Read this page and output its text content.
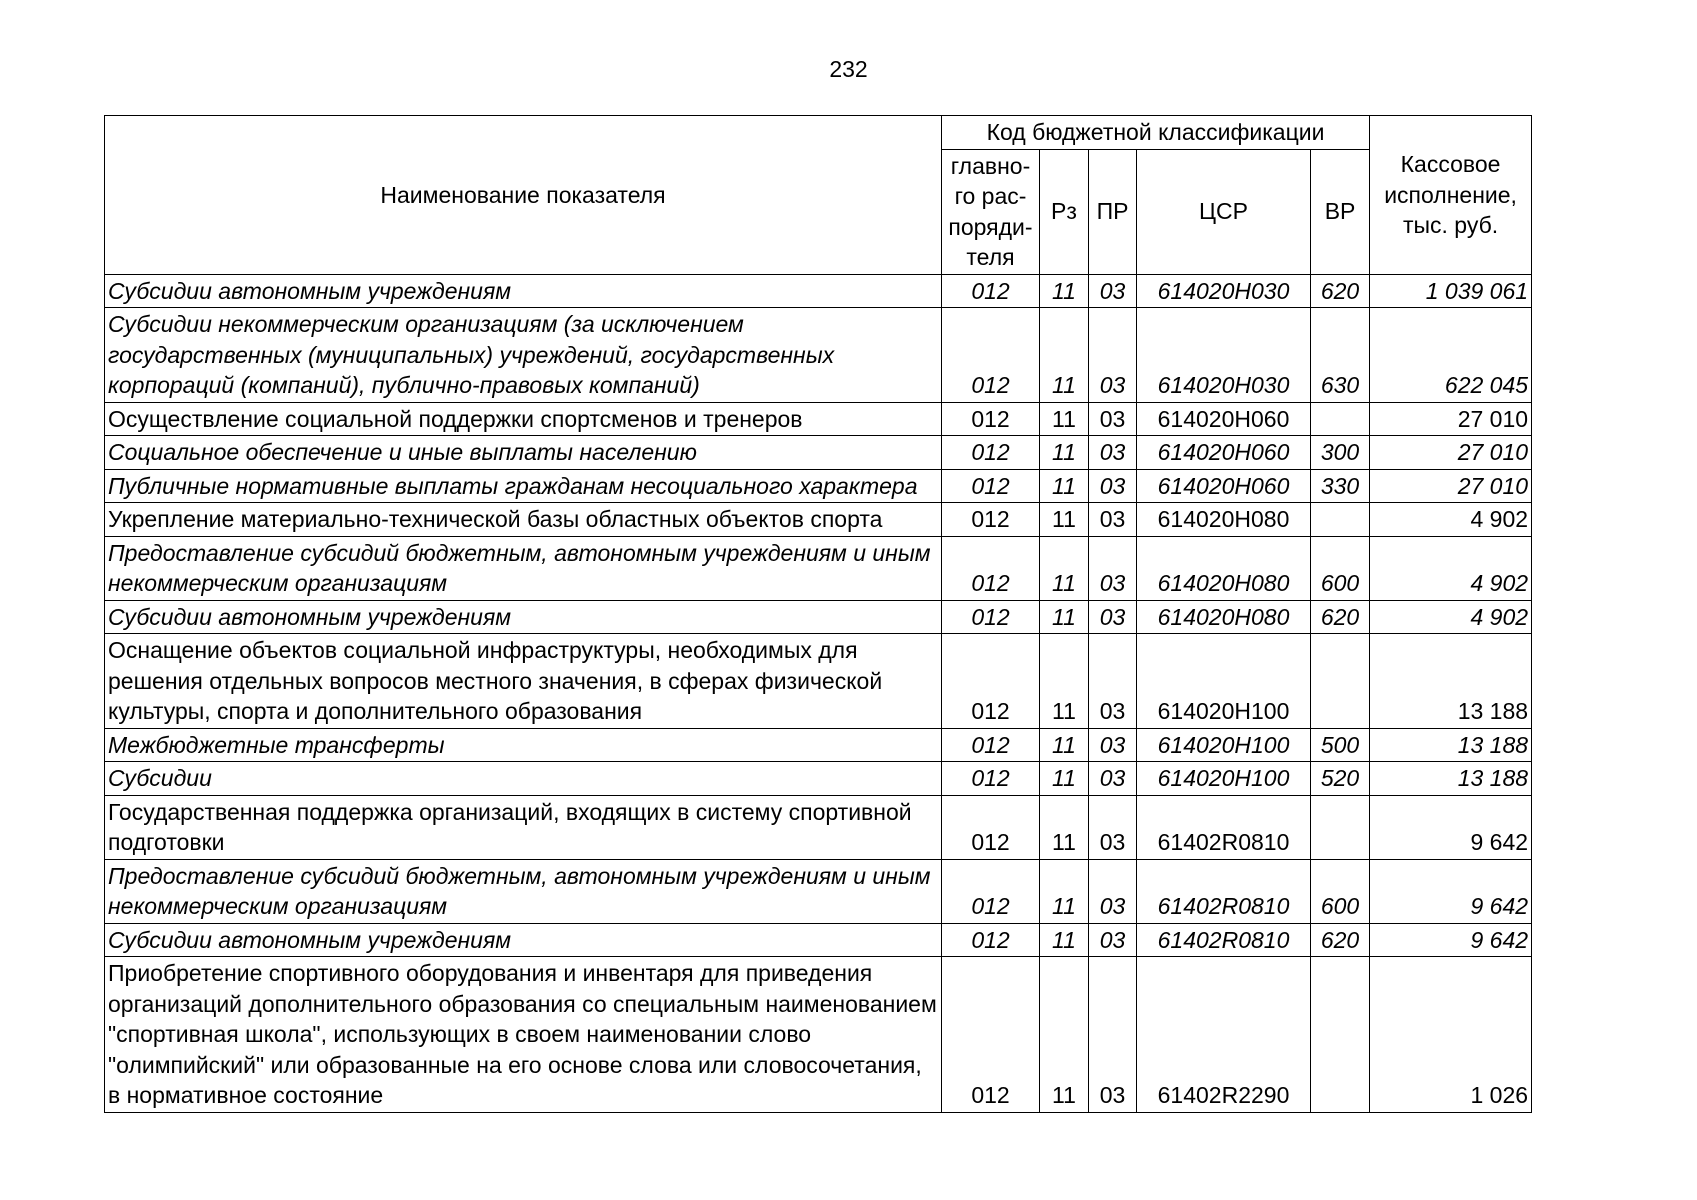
232
Наименование показателя	Код бюджетной классификации					Кассовое исполнение, тыс. руб.
	главно-го рас-поряди-теля	Рз	ПР	ЦСР	ВР	
Субсидии автономным учреждениям	012	11	03	614020Н030	620	1 039 061
Субсидии некоммерческим организациям (за исключением государственных (муниципальных) учреждений, государственных корпораций (компаний), публично-правовых компаний)	012	11	03	614020Н030	630	622 045
Осуществление социальной поддержки спортсменов и тренеров	012	11	03	614020Н060		27 010
Социальное обеспечение и иные выплаты населению	012	11	03	614020Н060	300	27 010
Публичные нормативные выплаты гражданам несоциального характера	012	11	03	614020Н060	330	27 010
Укрепление материально-технической базы областных объектов спорта	012	11	03	614020Н080		4 902
Предоставление субсидий бюджетным, автономным учреждениям и иным некоммерческим организациям	012	11	03	614020Н080	600	4 902
Субсидии автономным учреждениям	012	11	03	614020Н080	620	4 902
Оснащение объектов социальной инфраструктуры, необходимых для решения отдельных вопросов местного значения, в сферах физической культуры, спорта и дополнительного образования	012	11	03	614020Н100		13 188
Межбюджетные трансферты	012	11	03	614020Н100	500	13 188
Субсидии	012	11	03	614020Н100	520	13 188
Государственная поддержка организаций, входящих в систему спортивной подготовки	012	11	03	61402R0810		9 642
Предоставление субсидий бюджетным, автономным учреждениям и иным некоммерческим организациям	012	11	03	61402R0810	600	9 642
Субсидии автономным учреждениям	012	11	03	61402R0810	620	9 642
Приобретение спортивного оборудования и инвентаря для приведения организаций дополнительного образования со специальным наименованием "спортивная школа", использующих в своем наименовании слово "олимпийский" или образованные на его основе слова или словосочетания, в нормативное состояние	012	11	03	61402R2290		1 026
